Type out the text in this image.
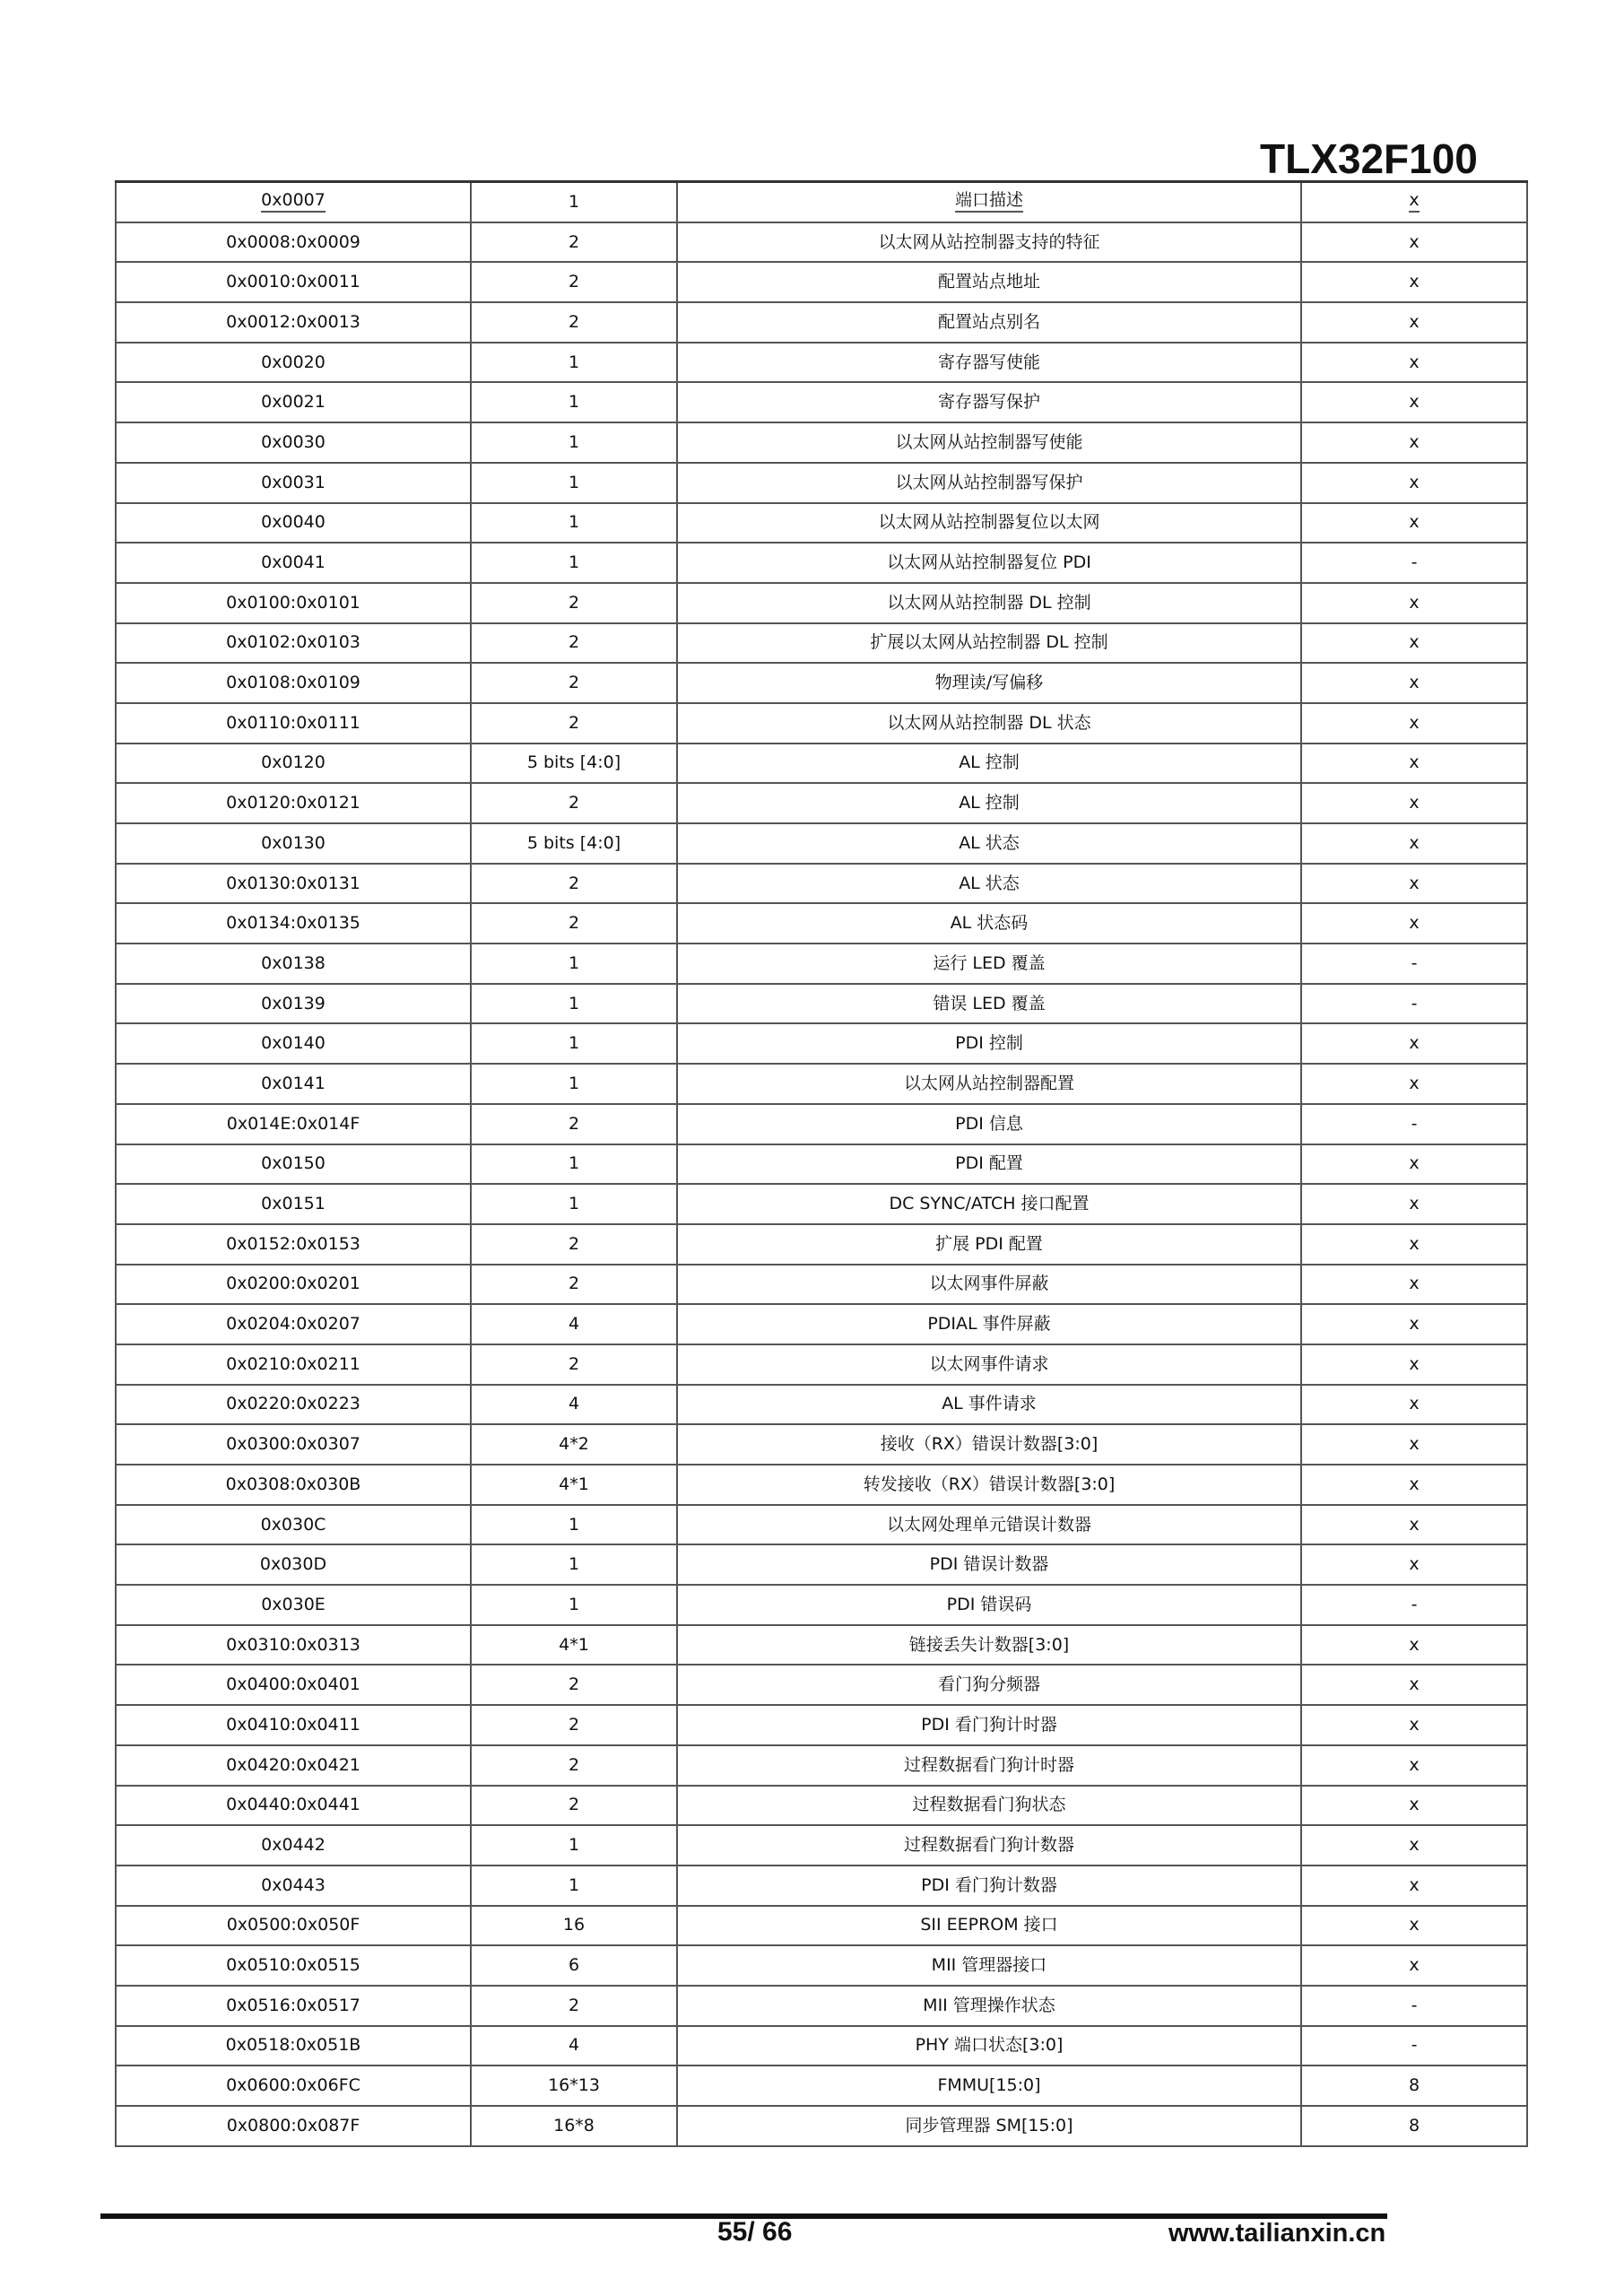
TLX32F100
0x0007	1	端口描述	x
0x0008:0x0009	2	以太网从站控制器支持的特征	x
0x0010:0x0011	2	配置站点地址	x
0x0012:0x0013	2	配置站点别名	x
0x0020	1	寄存器写使能	x
0x0021	1	寄存器写保护	x
0x0030	1	以太网从站控制器写使能	x
0x0031	1	以太网从站控制器写保护	x
0x0040	1	以太网从站控制器复位以太网	x
0x0041	1	以太网从站控制器复位 PDI	-
0x0100:0x0101	2	以太网从站控制器 DL 控制	x
0x0102:0x0103	2	扩展以太网从站控制器 DL 控制	x
0x0108:0x0109	2	物理读/写偏移	x
0x0110:0x0111	2	以太网从站控制器 DL 状态	x
0x0120	5 bits [4:0]	AL 控制	x
0x0120:0x0121	2	AL 控制	x
0x0130	5 bits [4:0]	AL 状态	x
0x0130:0x0131	2	AL 状态	x
0x0134:0x0135	2	AL 状态码	x
0x0138	1	运行 LED 覆盖	-
0x0139	1	错误 LED 覆盖	-
0x0140	1	PDI 控制	x
0x0141	1	以太网从站控制器配置	x
0x014E:0x014F	2	PDI 信息	-
0x0150	1	PDI 配置	x
0x0151	1	DC SYNC/ATCH 接口配置	x
0x0152:0x0153	2	扩展 PDI 配置	x
0x0200:0x0201	2	以太网事件屏蔽	x
0x0204:0x0207	4	PDIAL 事件屏蔽	x
0x0210:0x0211	2	以太网事件请求	x
0x0220:0x0223	4	AL 事件请求	x
0x0300:0x0307	4*2	接收（RX）错误计数器[3:0]	x
0x0308:0x030B	4*1	转发接收（RX）错误计数器[3:0]	x
0x030C	1	以太网处理单元错误计数器	x
0x030D	1	PDI 错误计数器	x
0x030E	1	PDI 错误码	-
0x0310:0x0313	4*1	链接丢失计数器[3:0]	x
0x0400:0x0401	2	看门狗分频器	x
0x0410:0x0411	2	PDI 看门狗计时器	x
0x0420:0x0421	2	过程数据看门狗计时器	x
0x0440:0x0441	2	过程数据看门狗状态	x
0x0442	1	过程数据看门狗计数器	x
0x0443	1	PDI 看门狗计数器	x
0x0500:0x050F	16	SII EEPROM 接口	x
0x0510:0x0515	6	MII 管理器接口	x
0x0516:0x0517	2	MII 管理操作状态	-
0x0518:0x051B	4	PHY 端口状态[3:0]	-
0x0600:0x06FC	16*13	FMMU[15:0]	8
0x0800:0x087F	16*8	同步管理器 SM[15:0]	8
55/ 66	www.tailianxin.cn
